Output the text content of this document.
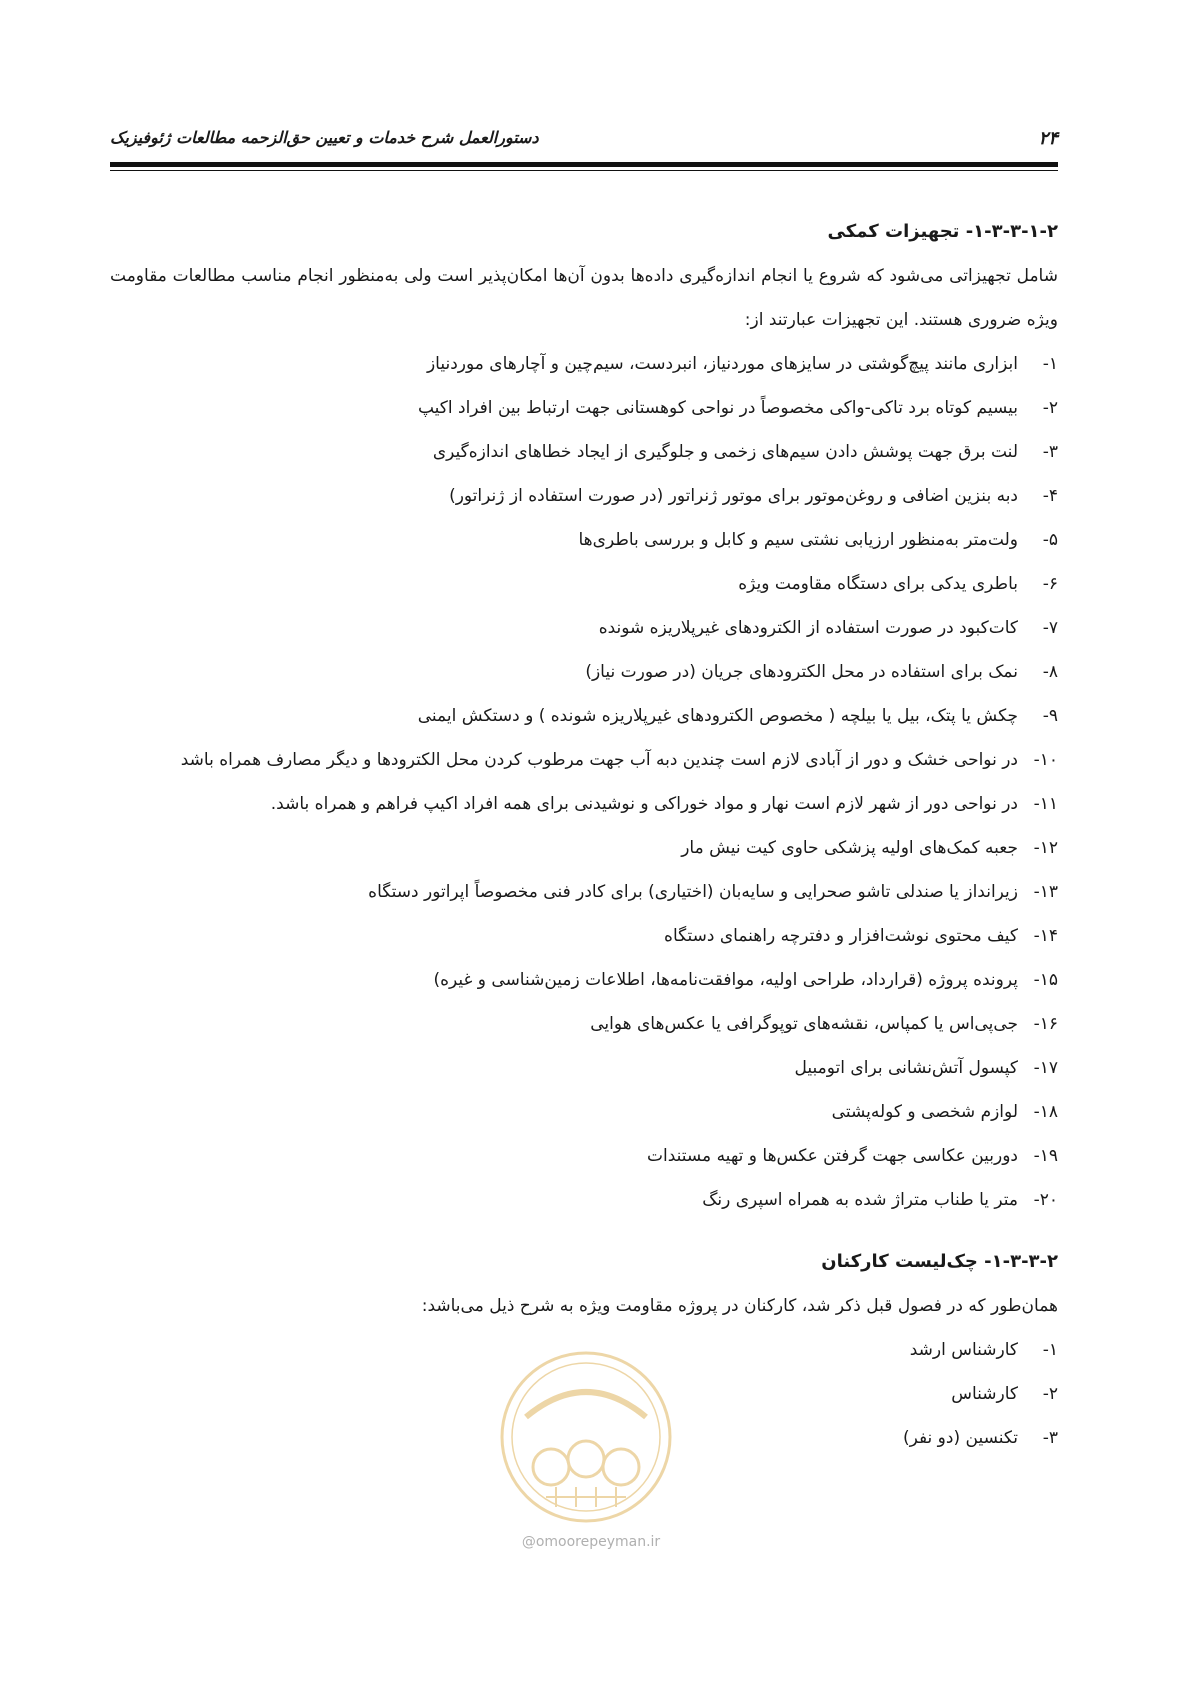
۲۴
دستورالعمل شرح خدمات و تعیین حق‌الزحمه مطالعات ژئوفیزیک
۱-۳-۳-۱-۲- تجهیزات کمکی

شامل تجهیزاتی می‌شود که شروع یا انجام اندازه‌گیری داده‌ها بدون آن‌ها امکان‌پذیر است ولی به‌منظور انجام مناسب مطالعات مقاومت ویژه ضروری هستند. این تجهیزات عبارتند از:

۱-
ابزاری مانند پیچ‌گوشتی در سایزهای موردنیاز، انبردست، سیم‌چین و آچارهای موردنیاز
۲-
بیسیم کوتاه برد تاکی-واکی مخصوصاً در نواحی کوهستانی جهت ارتباط بین افراد اکیپ
۳-
لنت برق جهت پوشش دادن سیم‌های زخمی و جلوگیری از ایجاد خطاهای اندازه‌گیری
۴-
دبه بنزین اضافی و روغن‌موتور برای موتور ژنراتور (در صورت استفاده از ژنراتور)
۵-
ولت‌متر به‌منظور ارزیابی نشتی سیم و کابل و بررسی باطری‌ها
۶-
باطری یدکی برای دستگاه مقاومت ویژه
۷-
کات‌کبود در صورت استفاده از الکترودهای غیرپلاریزه شونده
۸-
نمک برای استفاده در محل الکترودهای جریان (در صورت نیاز)
۹-
چکش یا پتک، بیل یا بیلچه ( مخصوص الکترودهای غیرپلاریزه شونده ) و دستکش ایمنی
۱۰-
در نواحی خشک و دور از آبادی لازم است چندین دبه آب جهت مرطوب کردن محل الکترودها و دیگر مصارف همراه باشد
۱۱-
در نواحی دور از شهر لازم است نهار و مواد خوراکی و نوشیدنی برای همه افراد اکیپ فراهم و همراه باشد.
۱۲-
جعبه کمک‌های اولیه پزشکی حاوی کیت نیش مار
۱۳-
زیرانداز یا صندلی تاشو صحرایی و سایه‌بان (اختیاری) برای کادر فنی مخصوصاً اپراتور دستگاه
۱۴-
کیف محتوی نوشت‌افزار و دفترچه راهنمای دستگاه
۱۵-
پرونده پروژه (قرارداد، طراحی اولیه، موافقت‌نامه‌ها، اطلاعات زمین‌شناسی و غیره)
۱۶-
جی‌پی‌اس یا کمپاس، نقشه‌های توپوگرافی یا عکس‌های هوایی
۱۷-
کپسول آتش‌نشانی برای اتومبیل
۱۸-
لوازم شخصی و کوله‌پشتی
۱۹-
دوربین عکاسی جهت گرفتن عکس‌ها و تهیه مستندات
۲۰-
متر یا طناب متراژ شده به همراه اسپری رنگ
۱-۳-۳-۲- چک‌لیست کارکنان

همان‌طور که در فصول قبل ذکر شد، کارکنان در پروژه مقاومت ویژه به شرح ذیل می‌باشد:

۱-
کارشناس ارشد
۲-
کارشناس
۳-
تکنسین (دو نفر)
@omoorepeyman.ir
